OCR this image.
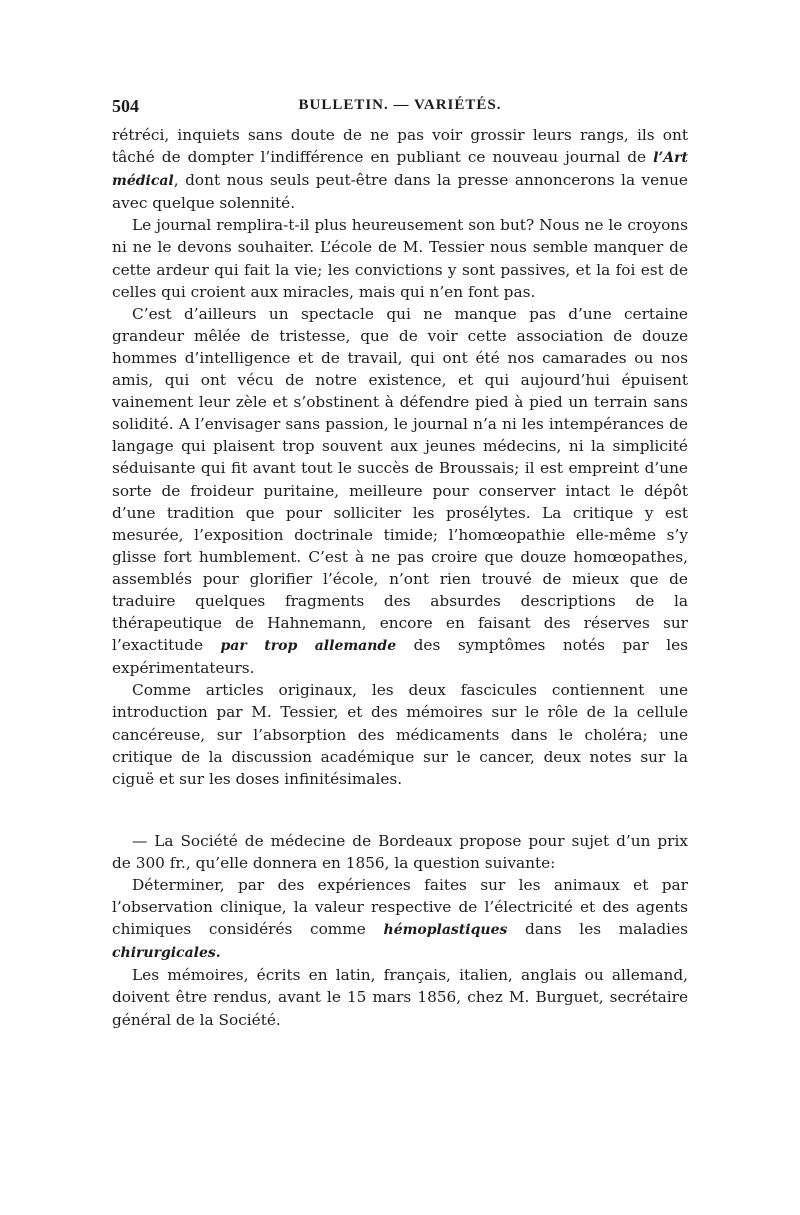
504	BULLETIN. — VARIÉTÉS.

rétréci, inquiets sans doute de ne pas voir grossir leurs rangs, ils ont tâché de dompter l’indifférence en publiant ce nouveau journal de l’Art médical, dont nous seuls peut-être dans la presse annoncerons la venue avec quelque solennité.

Le journal remplira-t-il plus heureusement son but? Nous ne le croyons ni ne le devons souhaiter. L’école de M. Tessier nous semble manquer de cette ardeur qui fait la vie; les convictions y sont passives, et la foi est de celles qui croient aux miracles, mais qui n’en font pas.

C’est d’ailleurs un spectacle qui ne manque pas d’une certaine grandeur mêlée de tristesse, que de voir cette association de douze hommes d’intelligence et de travail, qui ont été nos camarades ou nos amis, qui ont vécu de notre existence, et qui aujourd’hui épuisent vainement leur zèle et s’obstinent à défendre pied à pied un terrain sans solidité. A l’envisager sans passion, le journal n’a ni les intempérances de langage qui plaisent trop souvent aux jeunes médecins, ni la simplicité séduisante qui fit avant tout le succès de Broussais; il est empreint d’une sorte de froideur puritaine, meilleure pour conserver intact le dépôt d’une tradition que pour solliciter les prosélytes. La critique y est mesurée, l’exposition doctrinale timide; l’homœopathie elle-même s’y glisse fort humblement. C’est à ne pas croire que douze homœopathes, assemblés pour glorifier l’école, n’ont rien trouvé de mieux que de traduire quelques fragments des absurdes descriptions de la thérapeutique de Hahnemann, encore en faisant des réserves sur l’exactitude par trop allemande des symptômes notés par les expérimentateurs.

Comme articles originaux, les deux fascicules contiennent une introduction par M. Tessier, et des mémoires sur le rôle de la cellule cancéreuse, sur l’absorption des médicaments dans le choléra; une critique de la discussion académique sur le cancer, deux notes sur la ciguë et sur les doses infinitésimales.

— La Société de médecine de Bordeaux propose pour sujet d’un prix de 300 fr., qu’elle donnera en 1856, la question suivante:

Déterminer, par des expériences faites sur les animaux et par l’observation clinique, la valeur respective de l’électricité et des agents chimiques considérés comme hémoplastiques dans les maladies chirurgicales.

Les mémoires, écrits en latin, français, italien, anglais ou allemand, doivent être rendus, avant le 15 mars 1856, chez M. Burguet, secrétaire général de la Société.
